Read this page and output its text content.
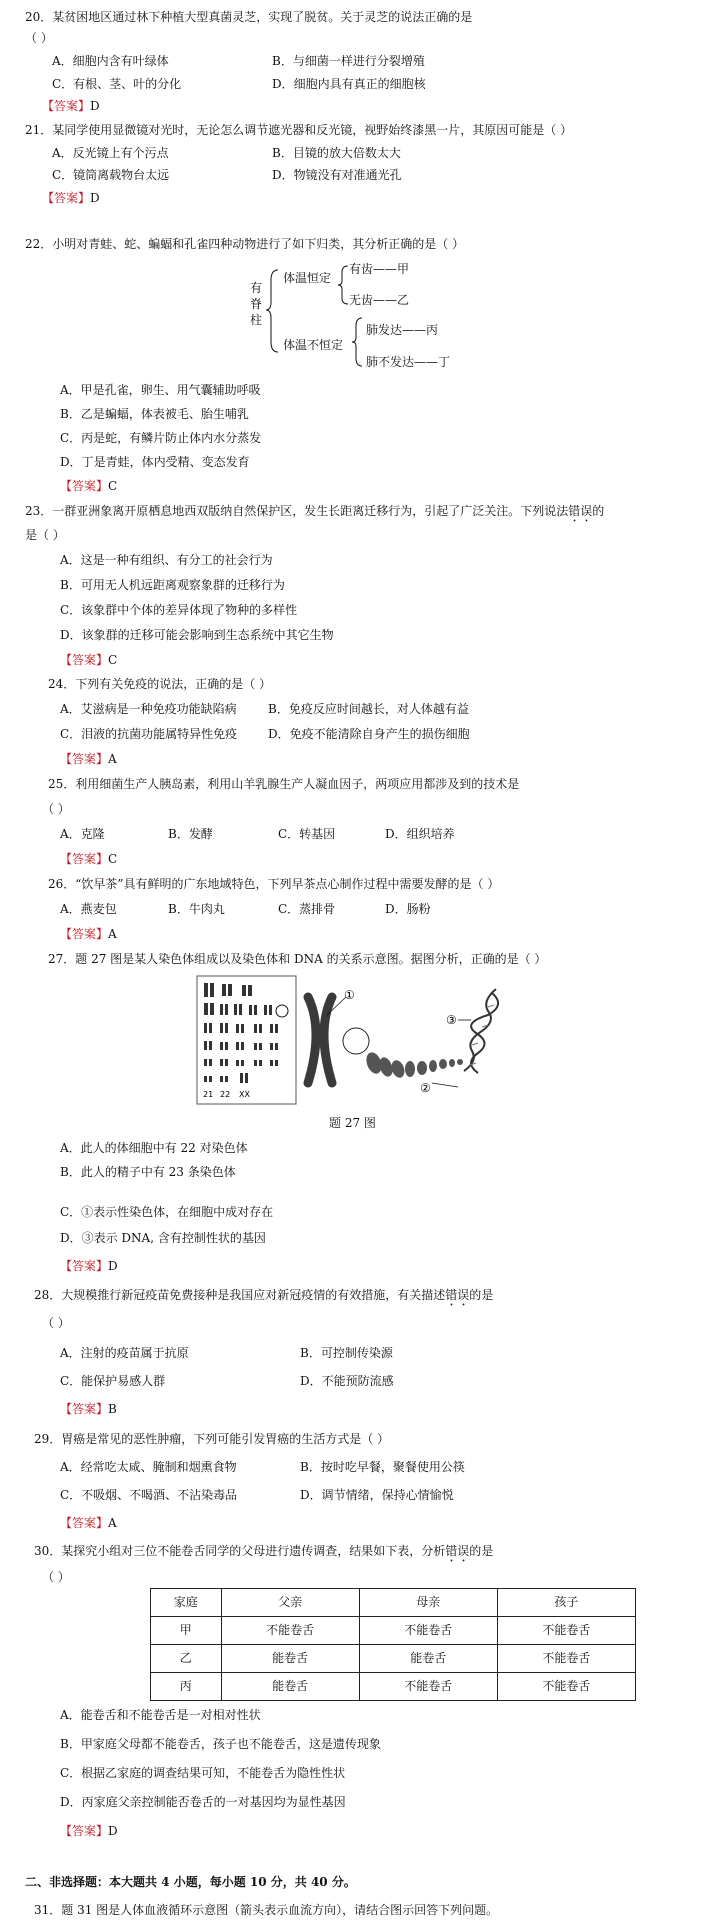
20．某贫困地区通过林下种植大型真菌灵芝，实现了脱贫。关于灵芝的说法正确的是
（ ）
A．细胞内含有叶绿体	B．与细菌一样进行分裂增殖
C．有根、茎、叶的分化	D．细胞内具有真正的细胞核
【答案】D
21．某同学使用显微镜对光时，无论怎么调节遮光器和反光镜，视野始终漆黑一片，其原因可能是（ ）
A．反光镜上有个污点	B．目镜的放大倍数太大
C．镜筒离载物台太远	D．物镜没有对准通光孔
【答案】D
22．小明对青蛙、蛇、蝙蝠和孔雀四种动物进行了如下归类，其分析正确的是（ ）
有
脊
柱
体温恒定
体温不恒定
有齿——甲
无齿——乙
肺发达——丙
肺不发达——丁
A．甲是孔雀，卵生、用气囊辅助呼吸
B．乙是蝙蝠，体表被毛、胎生哺乳
C．丙是蛇，有鳞片防止体内水分蒸发
D．丁是青蛙，体内受精、变态发育
【答案】C
23．一群亚洲象离开原栖息地西双版纳自然保护区，发生长距离迁移行为，引起了广泛关注。下列说法错误的
是（ ）
A．这是一种有组织、有分工的社会行为
B．可用无人机远距离观察象群的迁移行为
C．该象群中个体的差异体现了物种的多样性
D．该象群的迁移可能会影响到生态系统中其它生物
【答案】C
24．下列有关免疫的说法，正确的是（ ）
A．艾滋病是一种免疫功能缺陷病	B．免疫反应时间越长，对人体越有益
C．泪液的抗菌功能属特异性免疫	D．免疫不能清除自身产生的损伤细胞
【答案】A
25．利用细菌生产人胰岛素，利用山羊乳腺生产人凝血因子，两项应用都涉及到的技术是
（ ）
A．克隆	B．发酵	C．转基因	D．组织培养
【答案】C
26．“饮早茶”具有鲜明的广东地域特色，下列早茶点心制作过程中需要发酵的是（ ）
A．燕麦包	B．牛肉丸	C．蒸排骨	D．肠粉
【答案】A
27．题 27 图是某人染色体组成以及染色体和 DNA 的关系示意图。据图分析，正确的是（ ）
21 22 XX
①
②
③
题 27 图
A．此人的体细胞中有 22 对染色体
B．此人的精子中有 23 条染色体
C．①表示性染色体，在细胞中成对存在
D．③表示 DNA, 含有控制性状的基因
【答案】D
28．大规模推行新冠疫苗免费接种是我国应对新冠疫情的有效措施，有关描述错误的是
（ ）
A．注射的疫苗属于抗原	B．可控制传染源
C．能保护易感人群	D．不能预防流感
【答案】B
29．胃癌是常见的恶性肿瘤，下列可能引发胃癌的生活方式是（ ）
A．经常吃太咸、腌制和烟熏食物	B．按时吃早餐，聚餐使用公筷
C．不吸烟、不喝酒、不沾染毒品	D．调节情绪，保持心情愉悦
【答案】A
30．某探究小组对三位不能卷舌同学的父母进行遗传调查，结果如下表，分析错误的是
（ ）
家庭	父亲	母亲	孩子
甲	不能卷舌	不能卷舌	不能卷舌
乙	能卷舌	能卷舌	不能卷舌
丙	能卷舌	不能卷舌	不能卷舌
A．能卷舌和不能卷舌是一对相对性状
B．甲家庭父母都不能卷舌，孩子也不能卷舌，这是遗传现象
C．根据乙家庭的调查结果可知，不能卷舌为隐性性状
D．丙家庭父亲控制能否卷舌的一对基因均为显性基因
【答案】D
二、非选择题：本大题共 4 小题，每小题 10 分，共 40 分。
31．题 31 图是人体血液循环示意图（箭头表示血流方向），请结合图示回答下列问题。
